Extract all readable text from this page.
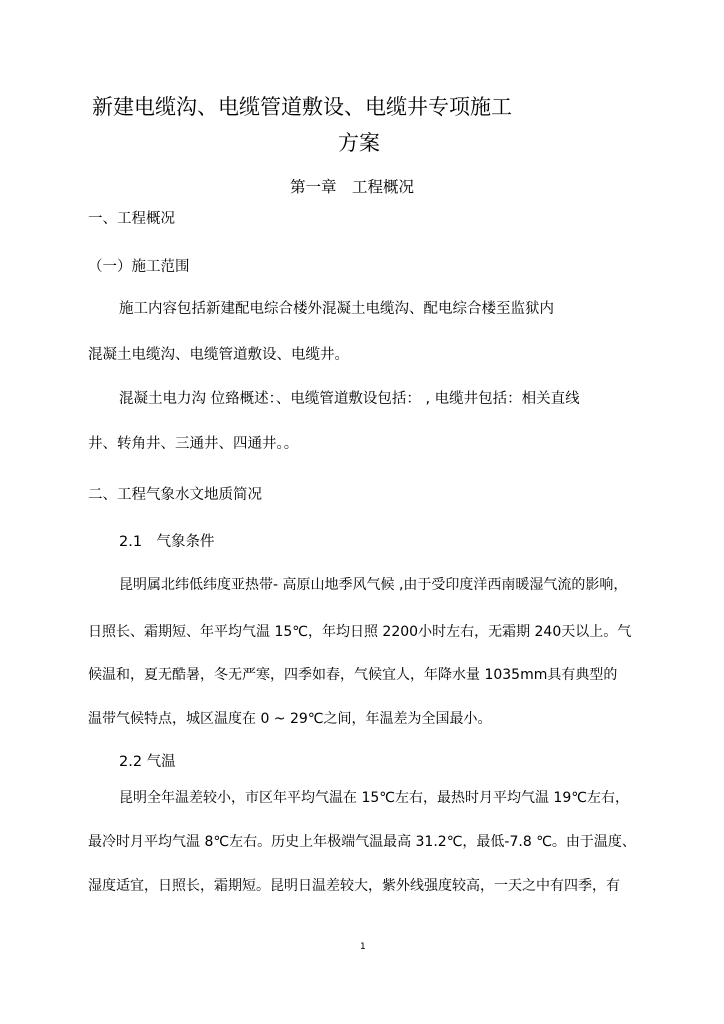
新建电缆沟、电缆管道敷设、电缆井专项施工
方案
第一章　工程概况
一、工程概况
（一）施工范围
施工内容包括新建配电综合楼外混凝土电缆沟、配电综合楼至监狱内
混凝土电缆沟、电缆管道敷设、电缆井。
混凝土电力沟 位臵概述：、电缆管道敷设包括： , 电缆井包括：相关直线
井、转角井、三通井、四通井。。
二、工程气象水文地质简况
2.1　气象条件
昆明属北纬低纬度亚热带- 高原山地季风气候 ,由于受印度洋西南暖湿气流的影响，
日照长、霜期短、年平均气温 15℃，年均日照 2200小时左右，无霜期 240天以上。气
候温和，夏无酷暑，冬无严寒，四季如春，气候宜人，年降水量 1035mm具有典型的
温带气候特点，城区温度在 0 ~ 29℃之间，年温差为全国最小。
2.2 气温
昆明全年温差较小，市区年平均气温在 15℃左右，最热时月平均气温 19℃左右，
最冷时月平均气温 8℃左右。历史上年极端气温最高 31.2℃，最低-7.8 ℃。由于温度、
湿度适宜，日照长，霜期短。昆明日温差较大，紫外线强度较高，一天之中有四季，有
1
